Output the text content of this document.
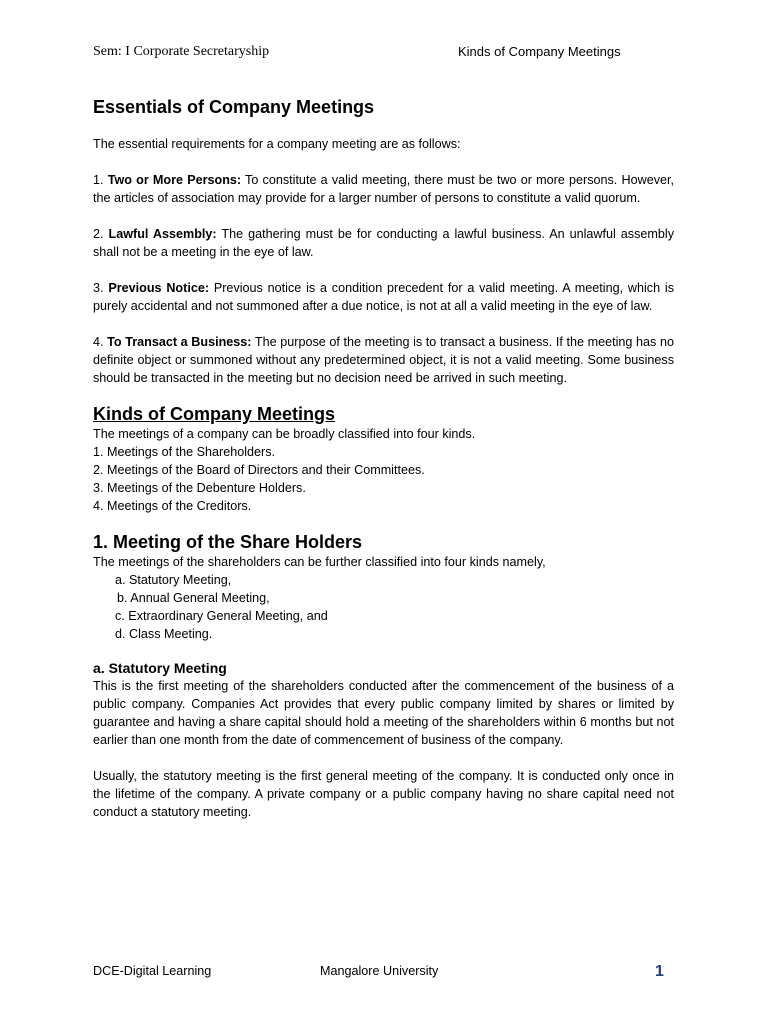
Sem: I Corporate Secretaryship	Kinds of Company Meetings
Essentials of Company Meetings

The essential requirements for a company meeting are as follows:

1. Two or More Persons: To constitute a valid meeting, there must be two or more persons. However, the articles of association may provide for a larger number of persons to constitute a valid quorum.

2. Lawful Assembly: The gathering must be for conducting a lawful business. An unlawful assembly shall not be a meeting in the eye of law.

3. Previous Notice: Previous notice is a condition precedent for a valid meeting. A meeting, which is purely accidental and not summoned after a due notice, is not at all a valid meeting in the eye of law.

4. To Transact a Business: The purpose of the meeting is to transact a business. If the meeting has no definite object or summoned without any predetermined object, it is not a valid meeting. Some business should be transacted in the meeting but no decision need be arrived in such meeting.

Kinds of Company Meetings

The meetings of a company can be broadly classified into four kinds.

1. Meetings of the Shareholders.
2. Meetings of the Board of Directors and their Committees.
3. Meetings of the Debenture Holders.
4. Meetings of the Creditors.
1. Meeting of the Share Holders

The meetings of the shareholders can be further classified into four kinds namely,

a. Statutory Meeting,
b. Annual General Meeting,
c. Extraordinary General Meeting, and
d. Class Meeting.
a. Statutory Meeting

This is the first meeting of the shareholders conducted after the commencement of the business of a public company. Companies Act provides that every public company limited by shares or limited by guarantee and having a share capital should hold a meeting of the shareholders within 6 months but not earlier than one month from the date of commencement of business of the company.

Usually, the statutory meeting is the first general meeting of the company. It is conducted only once in the lifetime of the company. A private company or a public company having no share capital need not conduct a statutory meeting.

DCE-Digital Learning	Mangalore University	1
